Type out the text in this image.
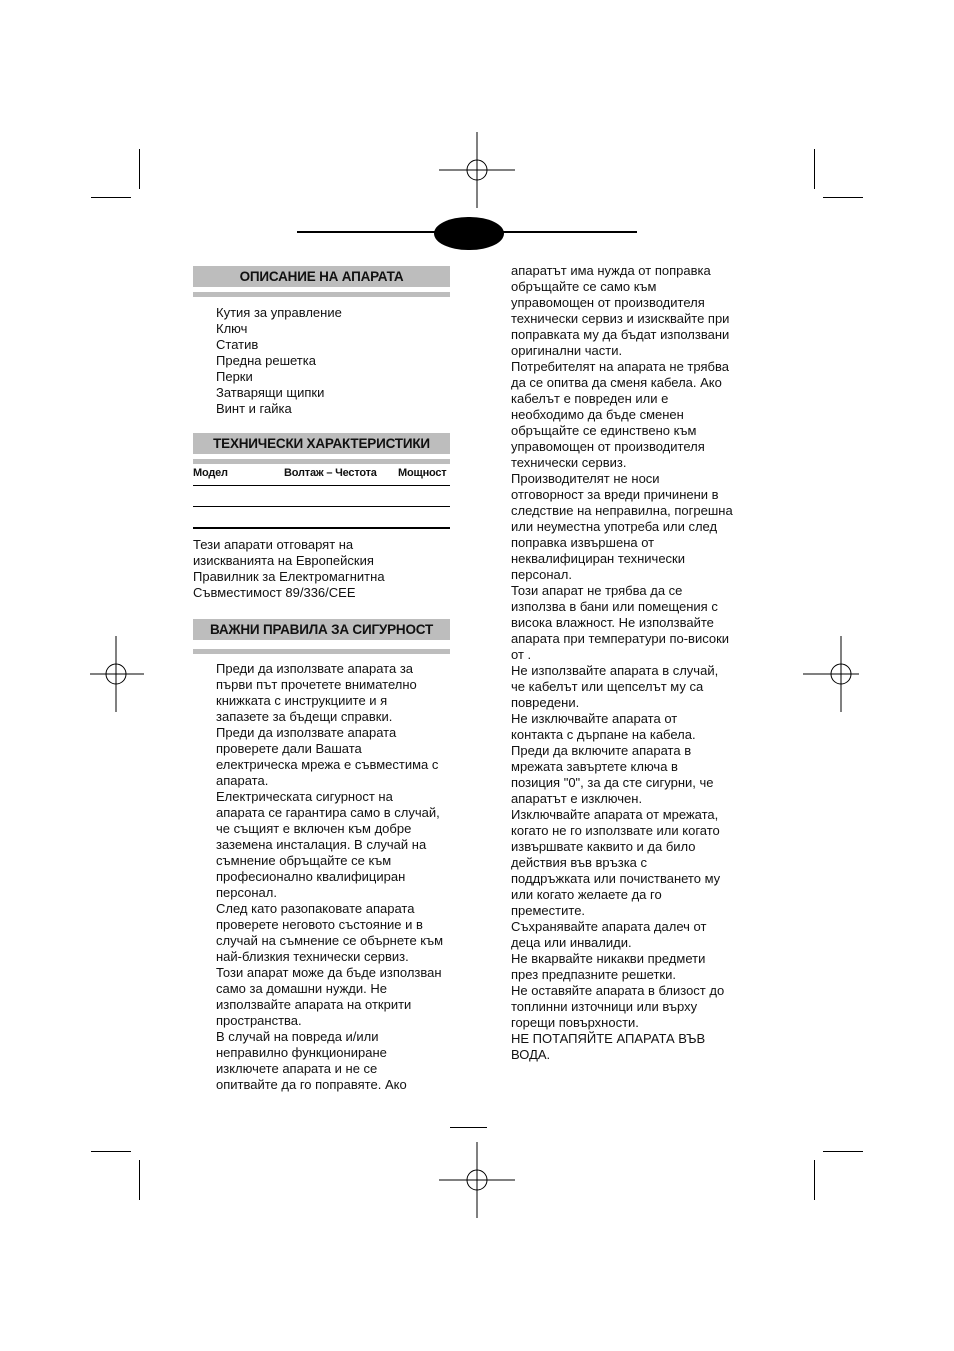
ОПИСАНИЕ НА АПАРАТА
Кутия за управление
Ключ
Статив
Предна решетка
Перки
Затварящи щипки
Винт и гайка
ТЕХНИЧЕСКИ ХАРАКТЕРИСТИКИ
Модел	Волтаж – Честота Мощност

Тези апарати отговарят на
изискванията на Европейския
Правилник за Електромагнитна
Съвместимост 89/336/CEE

ВАЖНИ ПРАВИЛА ЗА СИГУРНОСТ

Преди да използвате апарата за
първи път прочетете внимателно
книжката с инструкциите и я
запазете за бъдещи справки.
Преди да използвате апарата
проверете дали Вашата
електрическа мрежа е съвместима с
апарата.
Електрическата сигурност на
апарата се гарантира само в случай,
че същият е включен към добре
заземена инсталация. В случай на
съмнение обръщайте се към
професионално квалифициран
персонал.
След като разопаковате апарата
проверете неговото състояние и в
случай на съмнение се обърнете към
най-близкия технически сервиз.
Този апарат може да бъде използван
само за домашни нужди. Не
използвайте апарата на открити
пространства.
В случай на повреда и/или
неправилно функциониране
изключете апарата и не се
опитвайте да го поправяте. Ако

апаратът има нужда от поправка
обръщайте се само към
упрaвомощен от производителя
технически сервиз и изисквайте при
поправката му да бъдат използвани
оригинални части.
Потребителят на апарата не трябва
да се опитва да сменя кабела. Ако
кабелът е повреден или е
необходимо да бъде сменен
обръщайте се единствено към
упрaвомощен от производителя
технически сервиз.
Производителят не носи
отговорност за вреди причинени в
следствие на неправилна, погрешна
или неуместна употреба или след
поправка извършена от
неквалифициран технически
персонал.
Този апарат не трябва да се
използва в бани или помещения с
висока влажност. Не използвайте
апарата при температури по-високи
от .
Не използвайте апарата в случай,
че кабелът или щепселът му са
повредени.
Не изключвайте апарата от
контакта с дърпане на кабела.
Преди да включите апарата в
мрежата завъртете ключа в
позиция "0", за да сте сигурни, че
апаратът е изключен.
Изключвайте апарата от мрежата,
когато не го използвате или когато
извършвате каквито и да било
действия във връзка с
поддръжката или почистването му
или когато желаете да го
преместите.
Съхранявайте апарата далеч от
деца или инвалиди.
Не вкарвайте никакви предмети
през предпазните решетки.
Не оставяйте апарата в близост до
топлинни източници или върху
горещи повърхности.
НЕ ПОТАПЯЙТЕ АПАРАТА ВЪВ
ВОДА.
